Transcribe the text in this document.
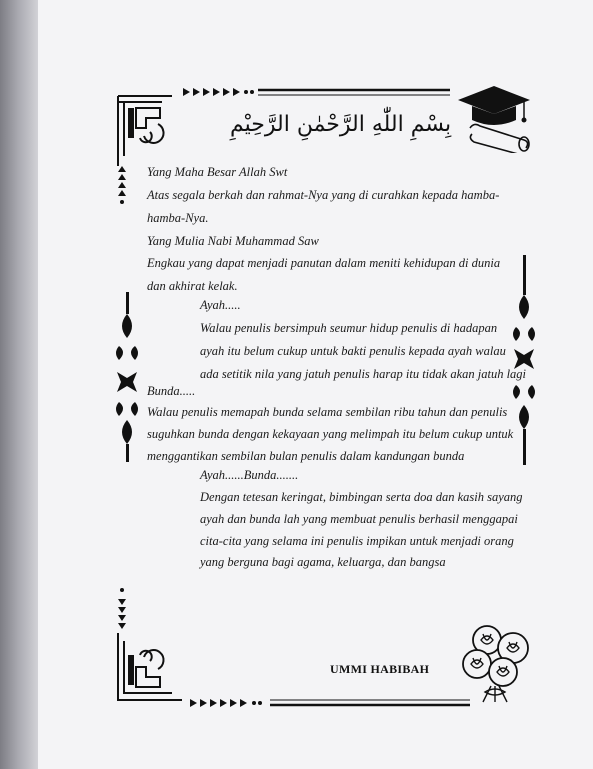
بِسْمِ اللّٰهِ الرَّحْمٰنِ الرَّحِيْمِ
Yang Maha Besar Allah Swt
Atas segala berkah dan rahmat-Nya yang di curahkan kepada hamba-
hamba-Nya.
Yang Mulia Nabi Muhammad Saw
Engkau yang dapat menjadi panutan dalam meniti kehidupan di dunia
dan akhirat kelak.
Ayah.....
Walau penulis bersimpuh seumur hidup penulis di hadapan
ayah itu belum cukup untuk bakti penulis kepada ayah walau
ada setitik nila yang jatuh penulis harap itu tidak akan jatuh lagi
Bunda.....
Walau penulis memapah bunda selama sembilan ribu tahun dan penulis
suguhkan bunda dengan kekayaan yang melimpah itu belum cukup untuk
menggantikan sembilan bulan penulis dalam kandungan bunda
Ayah......Bunda.......
Dengan tetesan keringat, bimbingan serta doa dan kasih sayang
ayah dan bunda lah yang membuat penulis berhasil menggapai
cita-cita yang selama ini penulis impikan untuk menjadi orang
yang berguna bagi agama, keluarga, dan bangsa
UMMI HABIBAH
